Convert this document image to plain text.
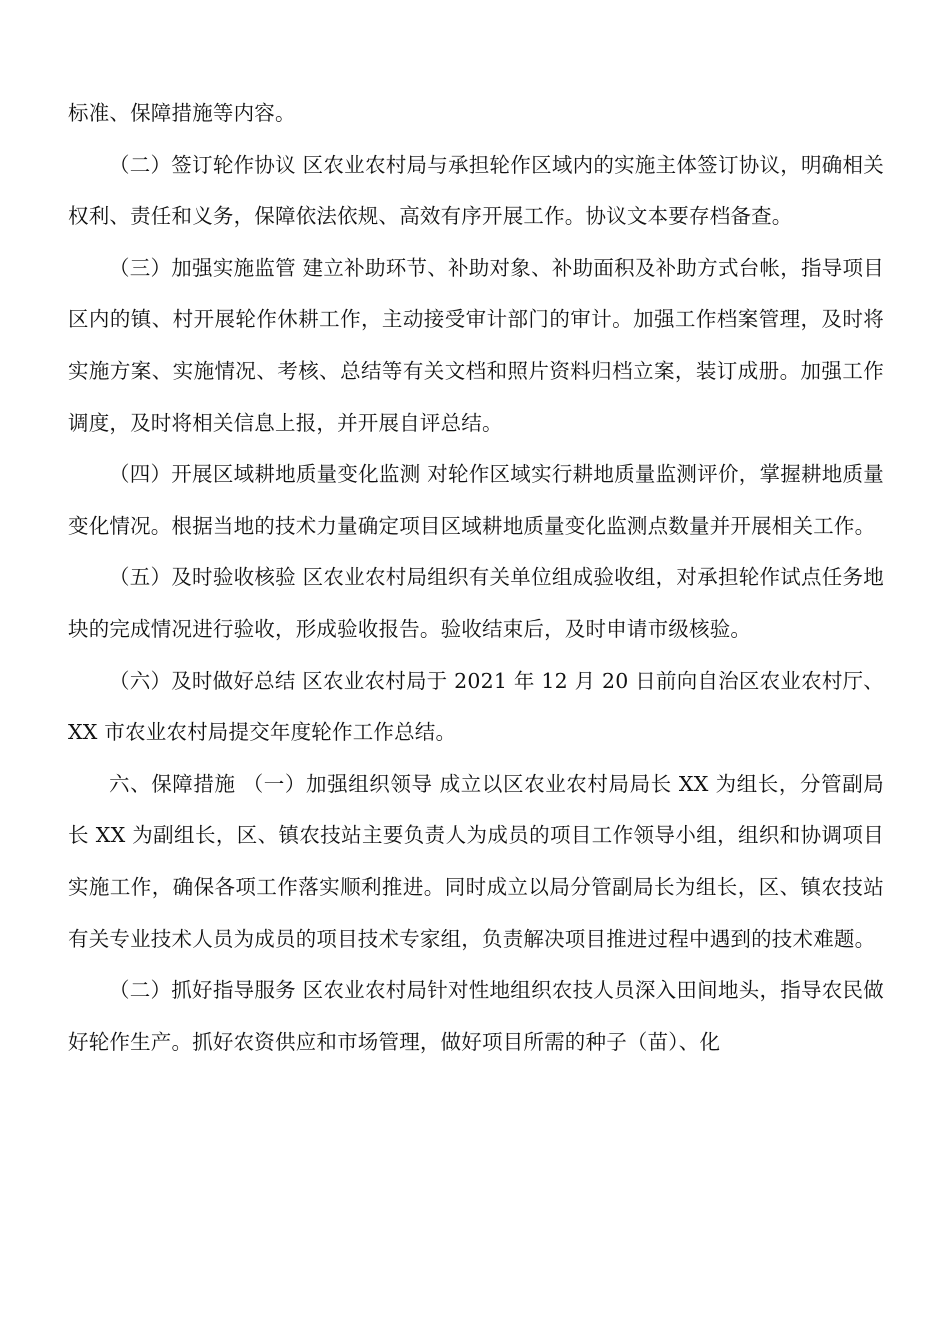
标准、保障措施等内容。

（二）签订轮作协议 区农业农村局与承担轮作区域内的实施主体签订协议，明确相关权利、责任和义务，保障依法依规、高效有序开展工作。协议文本要存档备查。

（三）加强实施监管 建立补助环节、补助对象、补助面积及补助方式台帐，指导项目区内的镇、村开展轮作休耕工作，主动接受审计部门的审计。加强工作档案管理，及时将实施方案、实施情况、考核、总结等有关文档和照片资料归档立案，装订成册。加强工作调度，及时将相关信息上报，并开展自评总结。

（四）开展区域耕地质量变化监测 对轮作区域实行耕地质量监测评价，掌握耕地质量变化情况。根据当地的技术力量确定项目区域耕地质量变化监测点数量并开展相关工作。

（五）及时验收核验 区农业农村局组织有关单位组成验收组，对承担轮作试点任务地块的完成情况进行验收，形成验收报告。验收结束后，及时申请市级核验。

（六）及时做好总结 区农业农村局于 2021 年 12 月 20 日前向自治区农业农村厅、XX 市农业农村局提交年度轮作工作总结。

六、保障措施 （一）加强组织领导 成立以区农业农村局局长 XX 为组长，分管副局长 XX 为副组长，区、镇农技站主要负责人为成员的项目工作领导小组，组织和协调项目实施工作，确保各项工作落实顺利推进。同时成立以局分管副局长为组长，区、镇农技站有关专业技术人员为成员的项目技术专家组，负责解决项目推进过程中遇到的技术难题。

（二）抓好指导服务 区农业农村局针对性地组织农技人员深入田间地头，指导农民做好轮作生产。抓好农资供应和市场管理，做好项目所需的种子（苗）、化
